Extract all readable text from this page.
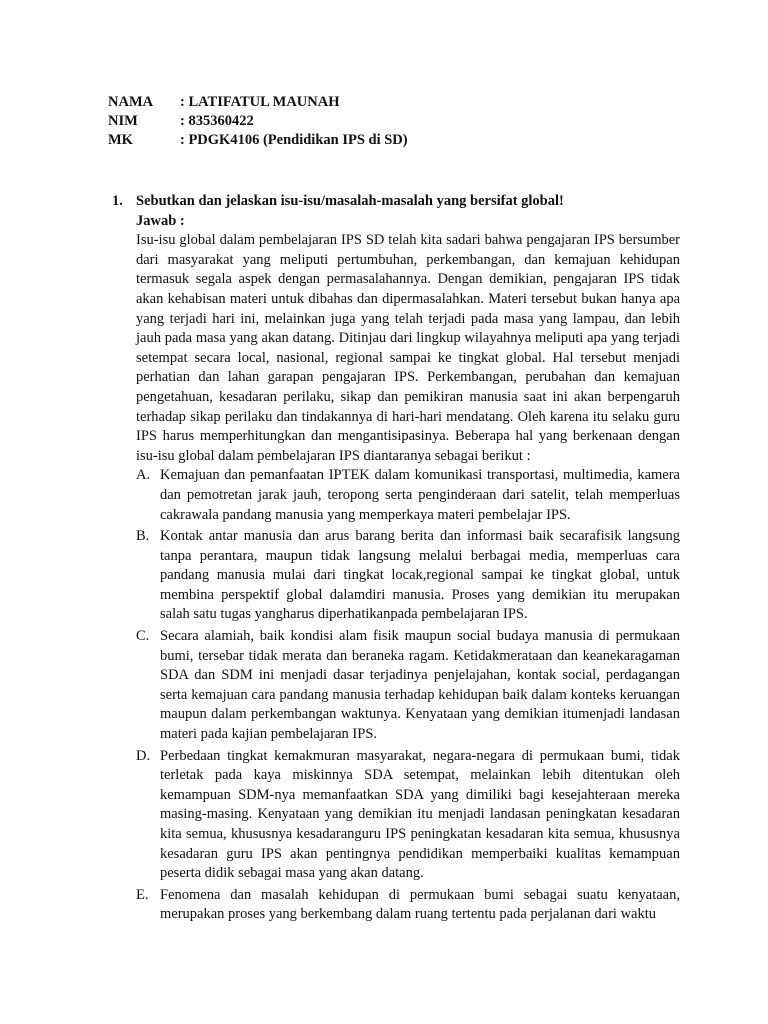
NAMA	: LATIFATUL MAUNAH
NIM	: 835360422
MK	: PDGK4106 (Pendidikan IPS di SD)
1. Sebutkan dan jelaskan isu-isu/masalah-masalah yang bersifat global!
Jawab :

Isu-isu global dalam pembelajaran IPS SD telah kita sadari bahwa pengajaran IPS bersumber dari masyarakat yang meliputi pertumbuhan, perkembangan, dan kemajuan kehidupan termasuk segala aspek dengan permasalahannya. Dengan demikian, pengajaran IPS tidak akan kehabisan materi untuk dibahas dan dipermasalahkan. Materi tersebut bukan hanya apa yang terjadi hari ini, melainkan juga yang telah terjadi pada masa yang lampau, dan lebih jauh pada masa yang akan datang. Ditinjau dari lingkup wilayahnya meliputi apa yang terjadi setempat secara local, nasional, regional sampai ke tingkat global. Hal tersebut menjadi perhatian dan lahan garapan pengajaran IPS. Perkembangan, perubahan dan kemajuan pengetahuan, kesadaran perilaku, sikap dan pemikiran manusia saat ini akan berpengaruh terhadap sikap perilaku dan tindakannya di hari-hari mendatang. Oleh karena itu selaku guru IPS harus memperhitungkan dan mengantisipasinya. Beberapa hal yang berkenaan dengan isu-isu global dalam pembelajaran IPS diantaranya sebagai berikut :

A. Kemajuan dan pemanfaatan IPTEK dalam komunikasi transportasi, multimedia, kamera dan pemotretan jarak jauh, teropong serta penginderaan dari satelit, telah memperluas cakrawala pandang manusia yang memperkaya materi pembelajar IPS.
B. Kontak antar manusia dan arus barang berita dan informasi baik secarafisik langsung tanpa perantara, maupun tidak langsung melalui berbagai media, memperluas cara pandang manusia mulai dari tingkat locak,regional sampai ke tingkat global, untuk membina perspektif global dalamdiri manusia. Proses yang demikian itu merupakan salah satu tugas yangharus diperhatikanpada pembelajaran IPS.
C. Secara alamiah, baik kondisi alam fisik maupun social budaya manusia di permukaan bumi, tersebar tidak merata dan beraneka ragam. Ketidakmerataan dan keanekaragaman SDA dan SDM ini menjadi dasar terjadinya penjelajahan, kontak social, perdagangan serta kemajuan cara pandang manusia terhadap kehidupan baik dalam konteks keruangan maupun dalam perkembangan waktunya. Kenyataan yang demikian itumenjadi landasan materi pada kajian pembelajaran IPS.
D. Perbedaan tingkat kemakmuran masyarakat, negara-negara di permukaan bumi, tidak terletak pada kaya miskinnya SDA setempat, melainkan lebih ditentukan oleh kemampuan SDM-nya memanfaatkan SDA yang dimiliki bagi kesejahteraan mereka masing-masing. Kenyataan yang demikian itu menjadi landasan peningkatan kesadaran kita semua, khususnya kesadaranguru IPS peningkatan kesadaran kita semua, khususnya kesadaran guru IPS akan pentingnya pendidikan memperbaiki kualitas kemampuan peserta didik sebagai masa yang akan datang.
E. Fenomena dan masalah kehidupan di permukaan bumi sebagai suatu kenyataan, merupakan proses yang berkembang dalam ruang tertentu pada perjalanan dari waktu
